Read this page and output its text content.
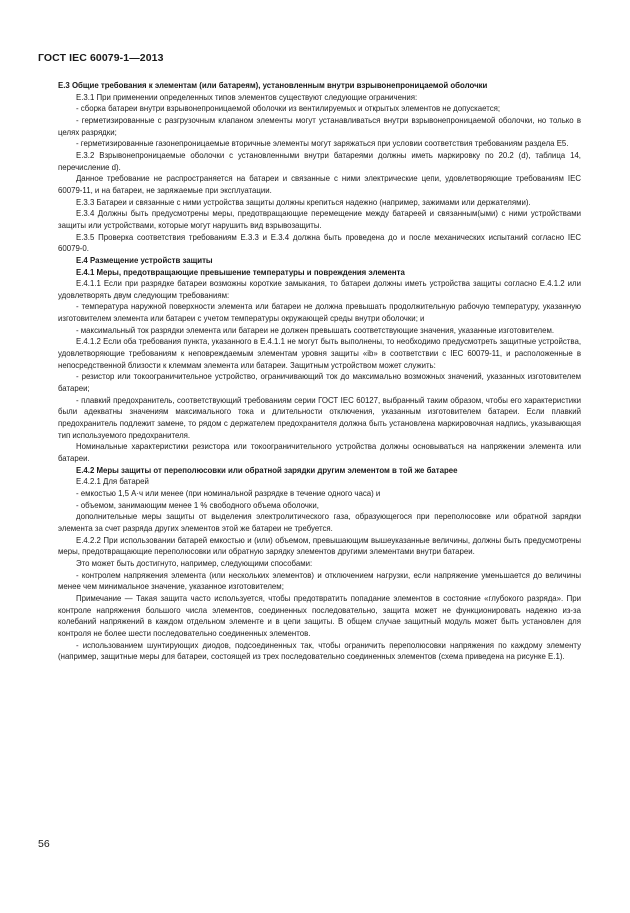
ГОСТ IEC 60079-1—2013

E.3 Общие требования к элементам (или батареям), установленным внутри взрывонепроницаемой оболочки

E.3.1 При применении определенных типов элементов существуют следующие ограничения:

- сборка батареи внутри взрывонепроницаемой оболочки из вентилируемых и открытых элементов не допускается;

- герметизированные с разгрузочным клапаном элементы могут устанавливаться внутри взрывонепроницаемой оболочки, но только в целях разрядки;

- герметизированные газонепроницаемые вторичные элементы могут заряжаться при условии соответствия требованиям раздела E5.

E.3.2 Взрывонепроницаемые оболочки с установленными внутри батареями должны иметь маркировку по 20.2 (d), таблица 14, перечисление d).

Данное требование не распространяется на батареи и связанные с ними электрические цепи, удовлетворяющие требованиям IEC 60079-11, и на батареи, не заряжаемые при эксплуатации.

E.3.3 Батареи и связанные с ними устройства защиты должны крепиться надежно (например, зажимами или держателями).

E.3.4 Должны быть предусмотрены меры, предотвращающие перемещение между батареей и связанным(ыми) с ними устройствами защиты или устройствами, которые могут нарушить вид взрывозащиты.

E.3.5 Проверка соответствия требованиям E.3.3 и E.3.4 должна быть проведена до и после механических испытаний согласно IEC 60079-0.

E.4 Размещение устройств защиты

E.4.1 Меры, предотвращающие превышение температуры и повреждения элемента

E.4.1.1 Если при разрядке батареи возможны короткие замыкания, то батареи должны иметь устройства защиты согласно E.4.1.2 или удовлетворять двум следующим требованиям:

- температура наружной поверхности элемента или батареи не должна превышать продолжительную рабочую температуру, указанную изготовителем элемента или батареи с учетом температуры окружающей среды внутри оболочки; и

- максимальный ток разрядки элемента или батареи не должен превышать соответствующие значения, указанные изготовителем.

E.4.1.2 Если оба требования пункта, указанного в E.4.1.1 не могут быть выполнены, то необходимо предусмотреть защитные устройства, удовлетворяющие требованиям к неповреждаемым элементам уровня защиты «ib» в соответствии с IEC 60079-11, и расположенные в непосредственной близости к клеммам элемента или батареи. Защитным устройством может служить:

- резистор или токоограничительное устройство, ограничивающий ток до максимально возможных значений, указанных изготовителем батареи;

- плавкий предохранитель, соответствующий требованиям серии ГОСТ IEC 60127, выбранный таким образом, чтобы его характеристики были адекватны значениям максимального тока и длительности отключения, указанным изготовителем батареи. Если плавкий предохранитель подлежит замене, то рядом с держателем предохранителя должна быть установлена маркировочная надпись, указывающая тип используемого предохранителя.

Номинальные характеристики резистора или токоограничительного устройства должны основываться на напряжении элемента или батареи.

E.4.2 Меры защиты от переполюсовки или обратной зарядки другим элементом в той же батарее

E.4.2.1 Для батарей

- емкостью 1,5 А·ч или менее (при номинальной разрядке в течение одного часа) и

- объемом, занимающим менее 1 % свободного объема оболочки,

дополнительные меры защиты от выделения электролитического газа, образующегося при переполюсовке или обратной зарядки элемента за счет разряда других элементов этой же батареи не требуется.

E.4.2.2 При использовании батарей емкостью и (или) объемом, превышающим вышеуказанные величины, должны быть предусмотрены меры, предотвращающие переполюсовки или обратную зарядку элементов другими элементами внутри батареи.

Это может быть достигнуто, например, следующими способами:

- контролем напряжения элемента (или нескольких элементов) и отключением нагрузки, если напряжение уменьшается до величины менее чем минимальное значение, указанное изготовителем;

Примечание — Такая защита часто используется, чтобы предотвратить попадание элементов в состояние «глубокого разряда». При контроле напряжения большого числа элементов, соединенных последовательно, защита может не функционировать надежно из-за колебаний напряжений в каждом отдельном элементе и в цепи защиты. В общем случае защитный модуль может быть установлен для контроля не более шести последовательно соединенных элементов.

- использованием шунтирующих диодов, подсоединенных так, чтобы ограничить переполюсовки напряжения по каждому элементу (например, защитные меры для батареи, состоящей из трех последовательно соединенных элементов (схема приведена на рисунке E.1).

56
